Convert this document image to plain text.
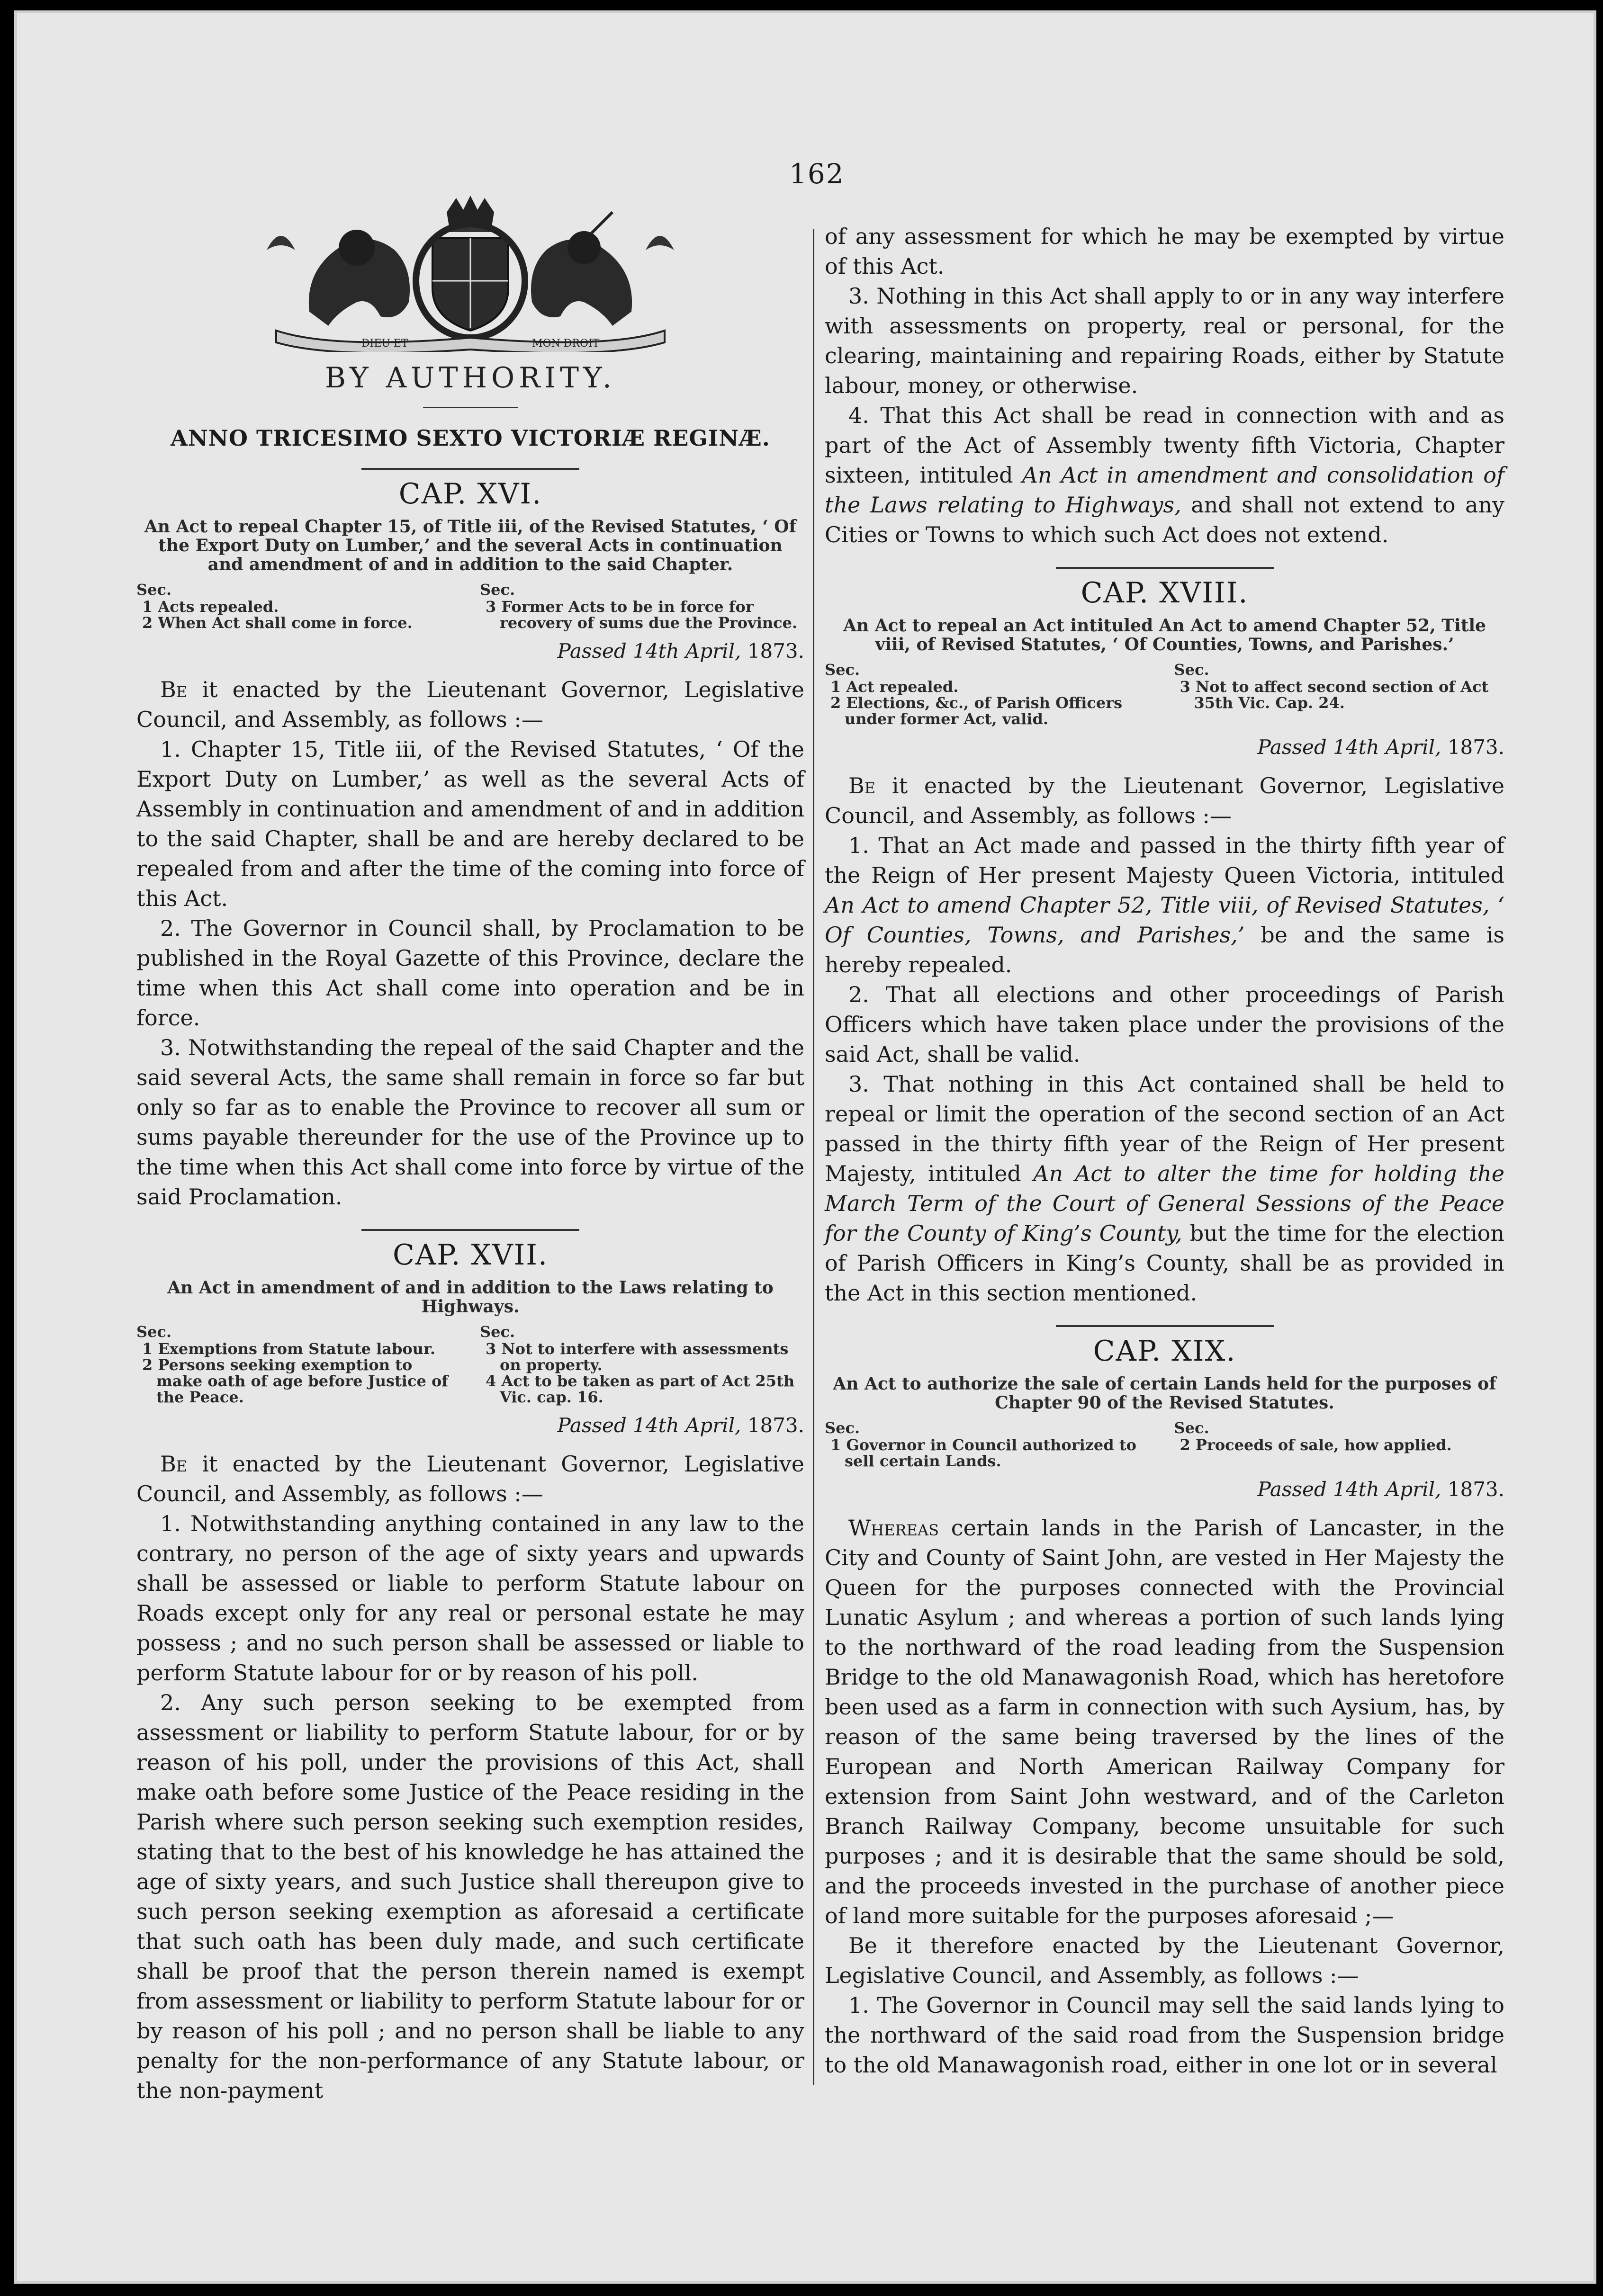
162
DIEU ET	MON DROIT
BY AUTHORITY.
ANNO TRICESIMO SEXTO VICTORIÆ REGINÆ.
CAP. XVI.
An Act to repeal Chapter 15, of Title iii, of the Revised Statutes, ‘ Of the Export Duty on Lumber,’ and the several Acts in continuation and amendment of and in addition to the said Chapter.
Sec.
1 Acts repealed.
2 When Act shall come in force.
Sec.
3 Former Acts to be in force for recovery of sums due the Province.
Passed 14th April, 1873.

Be it enacted by the Lieutenant Governor, Legislative Council, and Assembly, as follows :—

1. Chapter 15, Title iii, of the Revised Statutes, ‘ Of the Export Duty on Lumber,’ as well as the several Acts of Assembly in continuation and amendment of and in addition to the said Chapter, shall be and are hereby declared to be repealed from and after the time of the coming into force of this Act.

2. The Governor in Council shall, by Proclamation to be published in the Royal Gazette of this Province, declare the time when this Act shall come into operation and be in force.

3. Notwithstanding the repeal of the said Chapter and the said several Acts, the same shall remain in force so far but only so far as to enable the Province to recover all sum or sums payable thereunder for the use of the Province up to the time when this Act shall come into force by virtue of the said Proclamation.

CAP. XVII.
An Act in amendment of and in addition to the Laws relating to Highways.
Sec.
1 Exemptions from Statute labour.
2 Persons seeking exemption to make oath of age before Justice of the Peace.
Sec.
3 Not to interfere with assessments on property.
4 Act to be taken as part of Act 25th Vic. cap. 16.
Passed 14th April, 1873.

Be it enacted by the Lieutenant Governor, Legislative Council, and Assembly, as follows :—

1. Notwithstanding anything contained in any law to the contrary, no person of the age of sixty years and upwards shall be assessed or liable to perform Statute labour on Roads except only for any real or personal estate he may possess ; and no such person shall be assessed or liable to perform Statute labour for or by reason of his poll.

2. Any such person seeking to be exempted from assessment or liability to perform Statute labour, for or by reason of his poll, under the provisions of this Act, shall make oath before some Justice of the Peace residing in the Parish where such person seeking such exemption resides, stating that to the best of his knowledge he has attained the age of sixty years, and such Justice shall thereupon give to such person seeking exemption as aforesaid a certificate that such oath has been duly made, and such certificate shall be proof that the person therein named is exempt from assessment or liability to perform Statute labour for or by reason of his poll ; and no person shall be liable to any penalty for the non-performance of any Statute labour, or the non-payment

of any assessment for which he may be exempted by virtue of this Act.

3. Nothing in this Act shall apply to or in any way interfere with assessments on property, real or personal, for the clearing, maintaining and repairing Roads, either by Statute labour, money, or otherwise.

4. That this Act shall be read in connection with and as part of the Act of Assembly twenty fifth Victoria, Chapter sixteen, intituled An Act in amendment and consolidation of the Laws relating to Highways, and shall not extend to any Cities or Towns to which such Act does not extend.

CAP. XVIII.
An Act to repeal an Act intituled An Act to amend Chapter 52, Title viii, of Revised Statutes, ‘ Of Counties, Towns, and Parishes.’
Sec.
1 Act repealed.
2 Elections, &c., of Parish Officers under former Act, valid.
Sec.
3 Not to affect second section of Act 35th Vic. Cap. 24.
Passed 14th April, 1873.

Be it enacted by the Lieutenant Governor, Legislative Council, and Assembly, as follows :—

1. That an Act made and passed in the thirty fifth year of the Reign of Her present Majesty Queen Victoria, intituled An Act to amend Chapter 52, Title viii, of Revised Statutes, ‘ Of Counties, Towns, and Parishes,’ be and the same is hereby repealed.

2. That all elections and other proceedings of Parish Officers which have taken place under the provisions of the said Act, shall be valid.

3. That nothing in this Act contained shall be held to repeal or limit the operation of the second section of an Act passed in the thirty fifth year of the Reign of Her present Majesty, intituled An Act to alter the time for holding the March Term of the Court of General Sessions of the Peace for the County of King’s County, but the time for the election of Parish Officers in King’s County, shall be as provided in the Act in this section mentioned.

CAP. XIX.
An Act to authorize the sale of certain Lands held for the purposes of Chapter 90 of the Revised Statutes.
Sec.
1 Governor in Council authorized to sell certain Lands.
Sec.
2 Proceeds of sale, how applied.
Passed 14th April, 1873.

Whereas certain lands in the Parish of Lancaster, in the City and County of Saint John, are vested in Her Majesty the Queen for the purposes connected with the Provincial Lunatic Asylum ; and whereas a portion of such lands lying to the northward of the road leading from the Suspension Bridge to the old Manawagonish Road, which has heretofore been used as a farm in connection with such Aysium, has, by reason of the same being traversed by the lines of the European and North American Railway Company for extension from Saint John westward, and of the Carleton Branch Railway Company, become unsuitable for such purposes ; and it is desirable that the same should be sold, and the proceeds invested in the purchase of another piece of land more suitable for the purposes aforesaid ;—

Be it therefore enacted by the Lieutenant Governor, Legislative Council, and Assembly, as follows :—

1. The Governor in Council may sell the said lands lying to the northward of the said road from the Suspension bridge to the old Manawagonish road, either in one lot or in several
